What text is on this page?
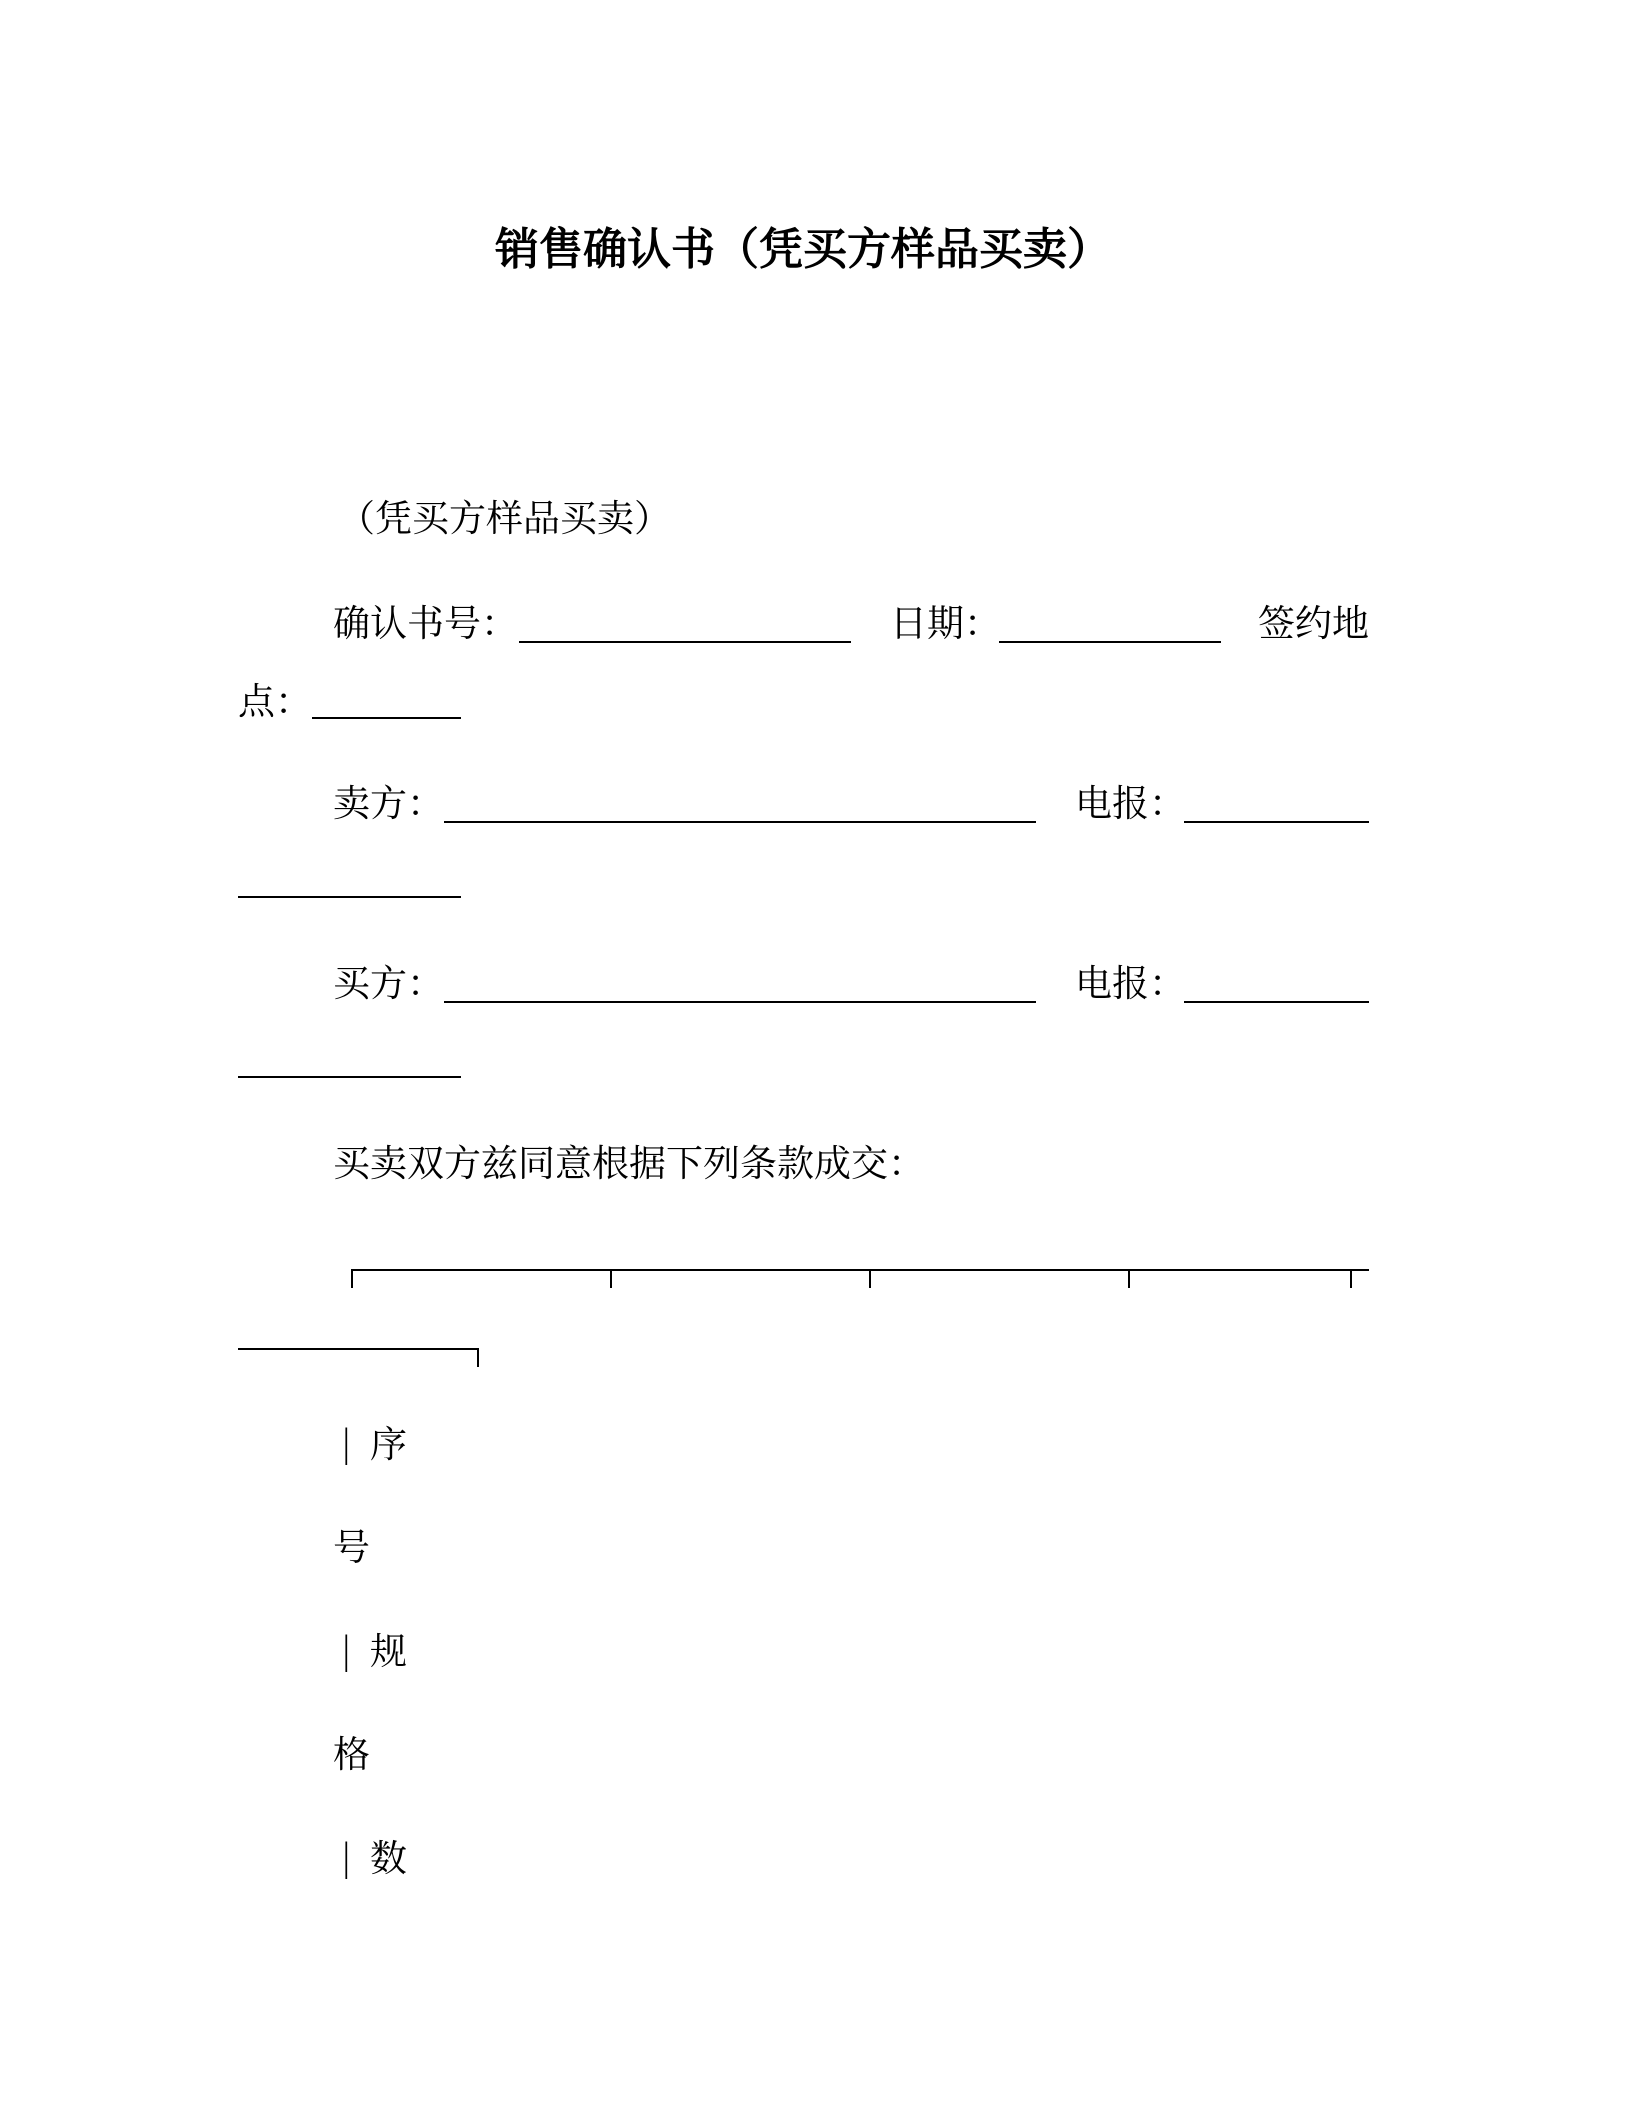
销售确认书（凭买方样品买卖）
（凭买方样品买卖）
确认书号：	日期：	签约地
点：
卖方：	电报：
买方：	电报：
买卖双方兹同意根据下列条款成交：
| 序
号
| 规
格
| 数
